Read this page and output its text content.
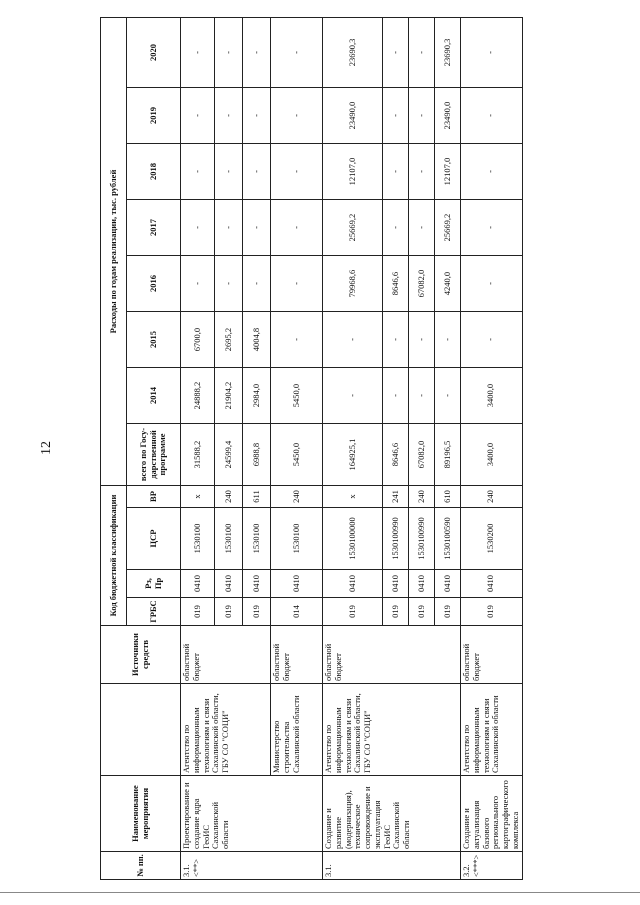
12
№ пп.	Наименование мероприятия		Источники средств	Код бюджетной классификации				Расходы по годам реализации, тыс. рублей							
				ГРБС	Рз, Пр	ЦСР	ВР	всего по Госу-дарственной программе	2014	2015	2016	2017	2018	2019	2020
3.1. <**>	Проектирование и создание ядра ГеоИС Сахалинской области	Агентство по информационным технологиям и связи Сахалинской области, ГБУ СО "СОЦИ"	областной бюджет	019	0410	1530100	х	31588,2	24888,2	6700,0	-	-	-	-	-
				019	0410	1530100	240	24599,4	21904,2	2695,2	-	-	-	-	-
				019	0410	1530100	611	6988,8	2984,0	4004,8	-	-	-	-	-
		Министерство строительства Сахалинской области	областной бюджет	014	0410	1530100	240	5450,0	5450,0	-	-	-	-	-	-
3.1.	Создание и развитие (модернизация), техническое сопровождение и эксплуатация ГеоИС Сахалинской области	Агентство по информационным технологиям и связи Сахалинской области, ГБУ СО "СОЦИ"	областной бюджет	019	0410	1530100000	х	164925,1	-	-	79968,6	25669,2	12107,0	23490,0	23690,3
				019	0410	1530100990	241	8646,6	-	-	8646,6	-	-	-	-
				019	0410	1530100990	240	67082,0	-	-	67082,0	-	-	-	-
				019	0410	1530100590	610	89196,5	-	-	4240,0	25669,2	12107,0	23490,0	23690,3
3.2. <***>	Создание и актуализация базового регионального картографического комплекса	Агентство по информационным технологиям и связи Сахалинской области	областной бюджет	019	0410	1530200	240	3400,0	3400,0	-	-	-	-	-	-
